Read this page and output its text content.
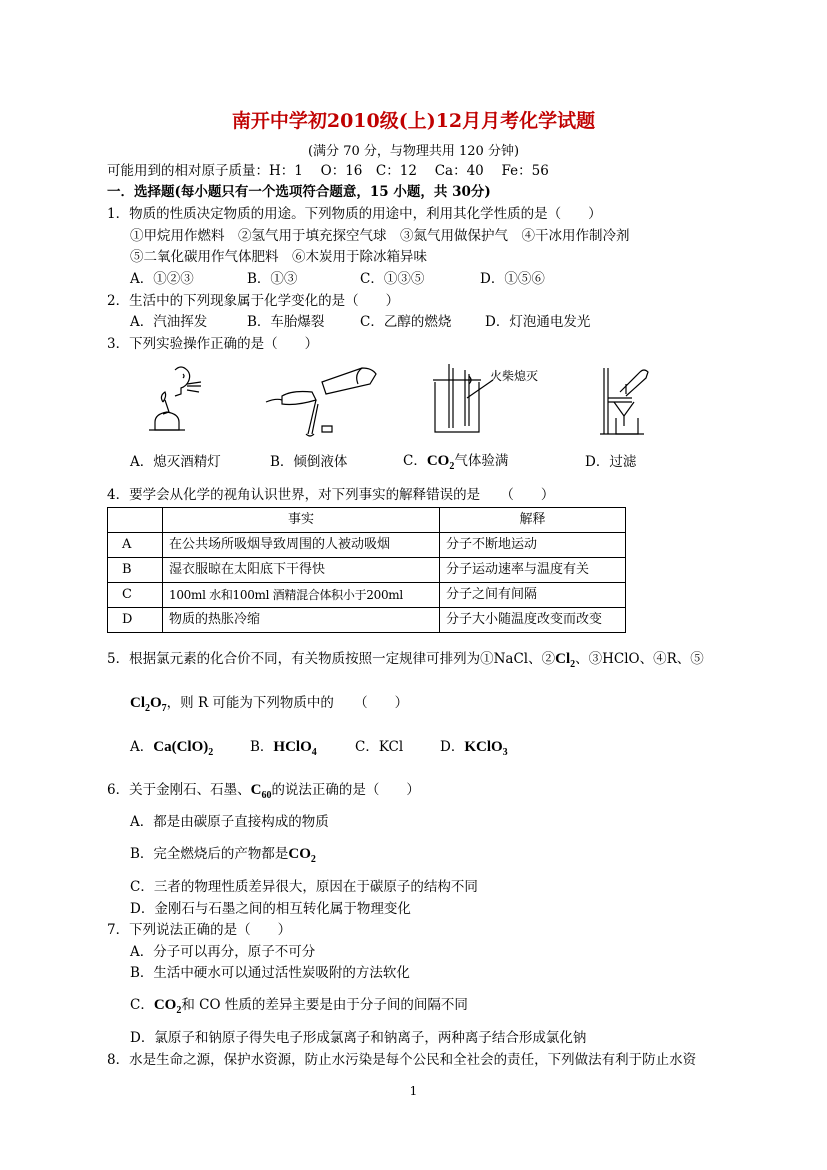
南开中学初2010级(上)12月月考化学试题
(满分 70 分，与物理共用 120 分钟)
可能用到的相对原子质量：H：1　 O：16　C：12　 Ca：40　 Fe：56
一．选择题(每小题只有一个选项符合题意，15 小题，共 30分)
1．物质的性质决定物质的用途。下列物质的用途中，利用其化学性质的是（　　）
①甲烷用作燃料　②氢气用于填充探空气球　③氮气用做保护气　④干冰用作制冷剂
⑤二氧化碳用作气体肥料　⑥木炭用于除冰箱异味
A．①②③	B．①③	C．①③⑤	D．①⑤⑥
2．生活中的下列现象属于化学变化的是（　　）
A．汽油挥发	B．车胎爆裂	C．乙醇的燃烧 D．灯泡通电发光
3．下列实验操作正确的是（　　）
火柴熄灭
A．熄灭酒精灯	B．倾倒液体	C．$CO_2$气体验满	D．过滤
4．要学会从化学的视角认识世界，对下列事实的解释错误的是　　（　　）
	事实	解释
A	在公共场所吸烟导致周围的人被动吸烟	分子不断地运动
B	湿衣服晾在太阳底下干得快	分子运动速率与温度有关
C	100ml 水和100ml 酒精混合体积小于200ml	分子之间有间隔
D	物质的热胀冷缩	分子大小随温度改变而改变
5．根据氯元素的化合价不同，有关物质按照一定规律可排列为①NaCl、$②Cl_2$、③HClO、④R、⑤
$Cl_2O_7$，则 R 可能为下列物质中的　　（　　）
A．$Ca(ClO)_2$	B．HClO$_4$	C．KCl	D．KClO$_3$
6．关于金刚石、石墨、$C_{60}$的说法正确的是（　　）
A．都是由碳原子直接构成的物质
B．完全燃烧后的产物都是$CO_2$
C．三者的物理性质差异很大，原因在于碳原子的结构不同
D．金刚石与石墨之间的相互转化属于物理变化
7．下列说法正确的是（　　）
A．分子可以再分，原子不可分
B．生活中硬水可以通过活性炭吸附的方法软化
C．$CO_2$和 CO 性质的差异主要是由于分子间的间隔不同
D．氯原子和钠原子得失电子形成氯离子和钠离子，两种离子结合形成氯化钠
8．水是生命之源，保护水资源，防止水污染是每个公民和全社会的责任，下列做法有利于防止水资
1
